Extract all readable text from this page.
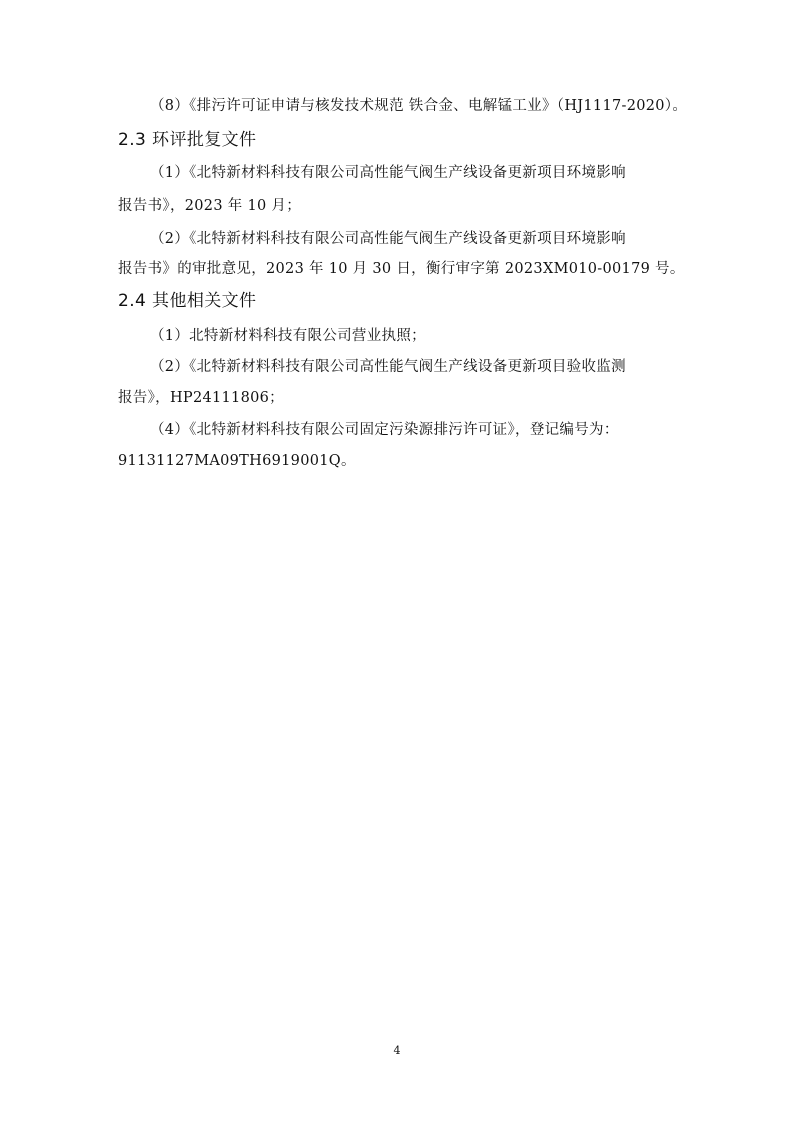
（8）《排污许可证申请与核发技术规范 铁合金、电解锰工业》（HJ1117-2020）。
2.3 环评批复文件
（1）《北特新材料科技有限公司高性能气阀生产线设备更新项目环境影响
报告书》，2023 年 10 月；
（2）《北特新材料科技有限公司高性能气阀生产线设备更新项目环境影响
报告书》的审批意见，2023 年 10 月 30 日，衡行审字第 2023XM010-00179 号。
2.4 其他相关文件
（1）北特新材料科技有限公司营业执照；
（2）《北特新材料科技有限公司高性能气阀生产线设备更新项目验收监测
报告》，HP24111806；
（4）《北特新材料科技有限公司固定污染源排污许可证》，登记编号为：
91131127MA09TH6919001Q。
4
